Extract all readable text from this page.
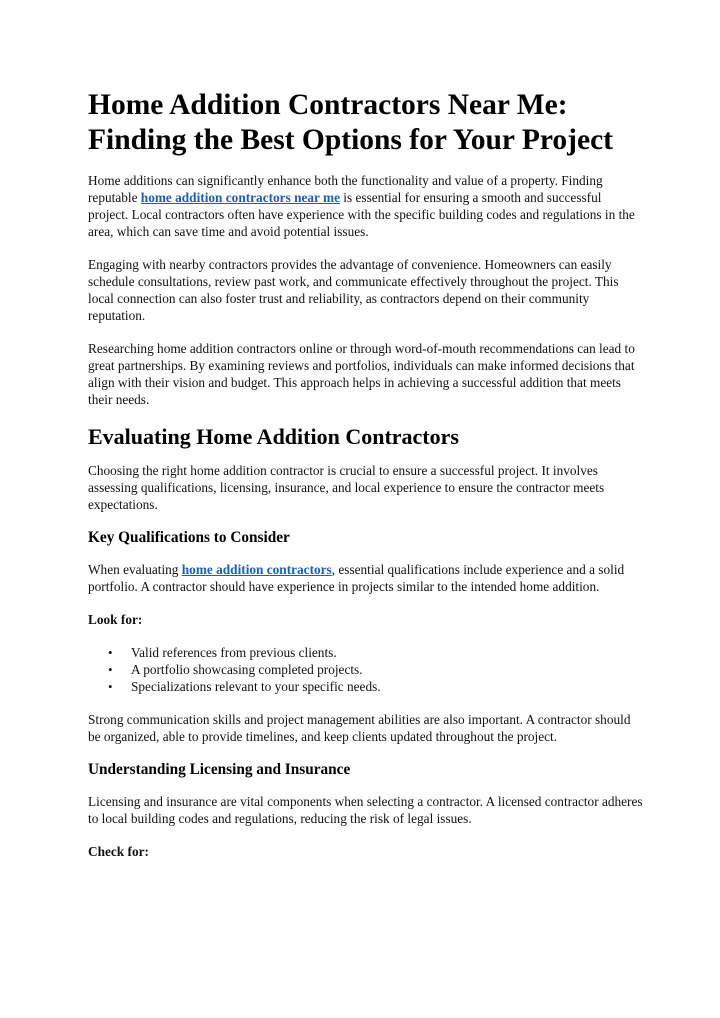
Home Addition Contractors Near Me: Finding the Best Options for Your Project

Home additions can significantly enhance both the functionality and value of a property. Finding reputable home addition contractors near me is essential for ensuring a smooth and successful project. Local contractors often have experience with the specific building codes and regulations in the area, which can save time and avoid potential issues.

Engaging with nearby contractors provides the advantage of convenience. Homeowners can easily schedule consultations, review past work, and communicate effectively throughout the project. This local connection can also foster trust and reliability, as contractors depend on their community reputation.

Researching home addition contractors online or through word-of-mouth recommendations can lead to great partnerships. By examining reviews and portfolios, individuals can make informed decisions that align with their vision and budget. This approach helps in achieving a successful addition that meets their needs.

Evaluating Home Addition Contractors

Choosing the right home addition contractor is crucial to ensure a successful project. It involves assessing qualifications, licensing, insurance, and local experience to ensure the contractor meets expectations.

Key Qualifications to Consider

When evaluating home addition contractors, essential qualifications include experience and a solid portfolio. A contractor should have experience in projects similar to the intended home addition.

Look for:

• Valid references from previous clients.
• A portfolio showcasing completed projects.
• Specializations relevant to your specific needs.

Strong communication skills and project management abilities are also important. A contractor should be organized, able to provide timelines, and keep clients updated throughout the project.

Understanding Licensing and Insurance

Licensing and insurance are vital components when selecting a contractor. A licensed contractor adheres to local building codes and regulations, reducing the risk of legal issues.

Check for:
